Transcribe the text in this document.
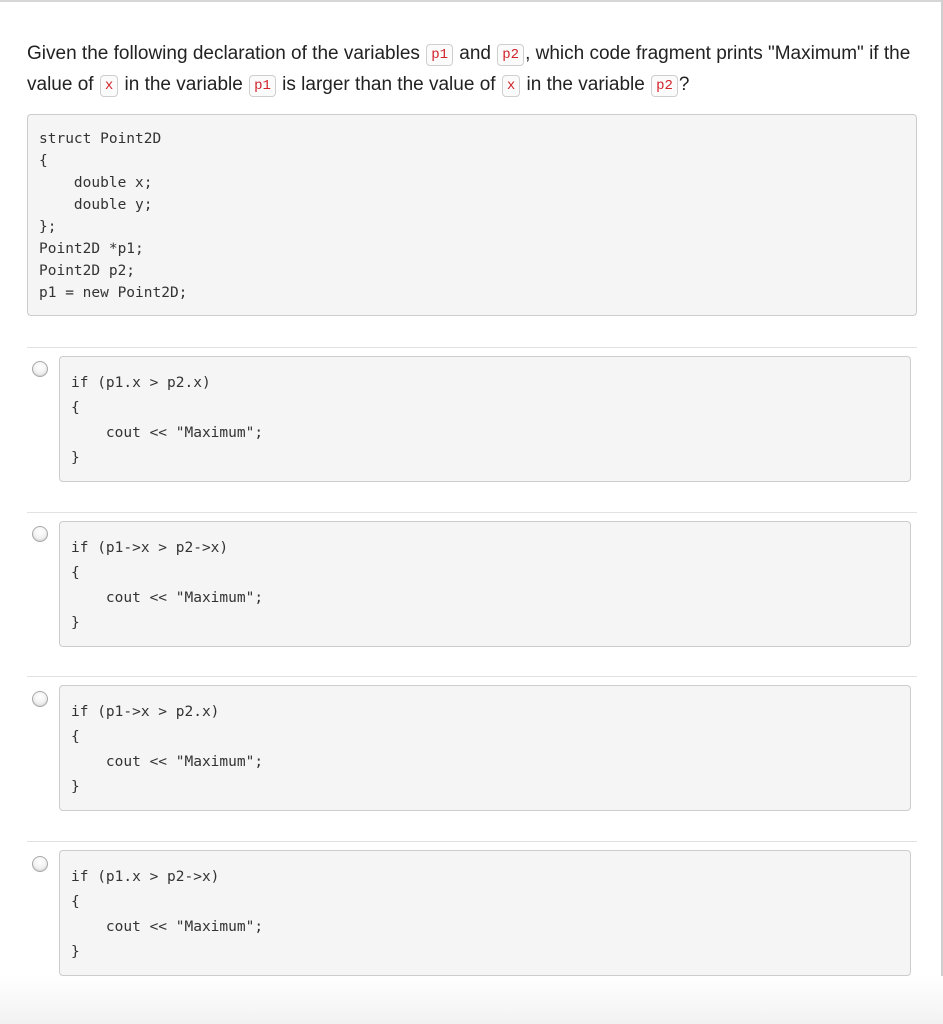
Given the following declaration of the variables p1 and p2 , which code fragment prints "Maximum" if the value of x in the variable p1 is larger than the value of x in the variable p2 ?
struct Point2D
{
double x;
double y;
};
Point2D *p1;
Point2D p2;
p1 = new Point2D;
if (p1.x > p2.x)
{
cout << "Maximum";
}
if (p1->x > p2->x)
{
cout << "Maximum";
}
if (p1->x > p2.x)
{
cout << "Maximum";
}
if (p1.x > p2->x)
{
cout << "Maximum";
}
